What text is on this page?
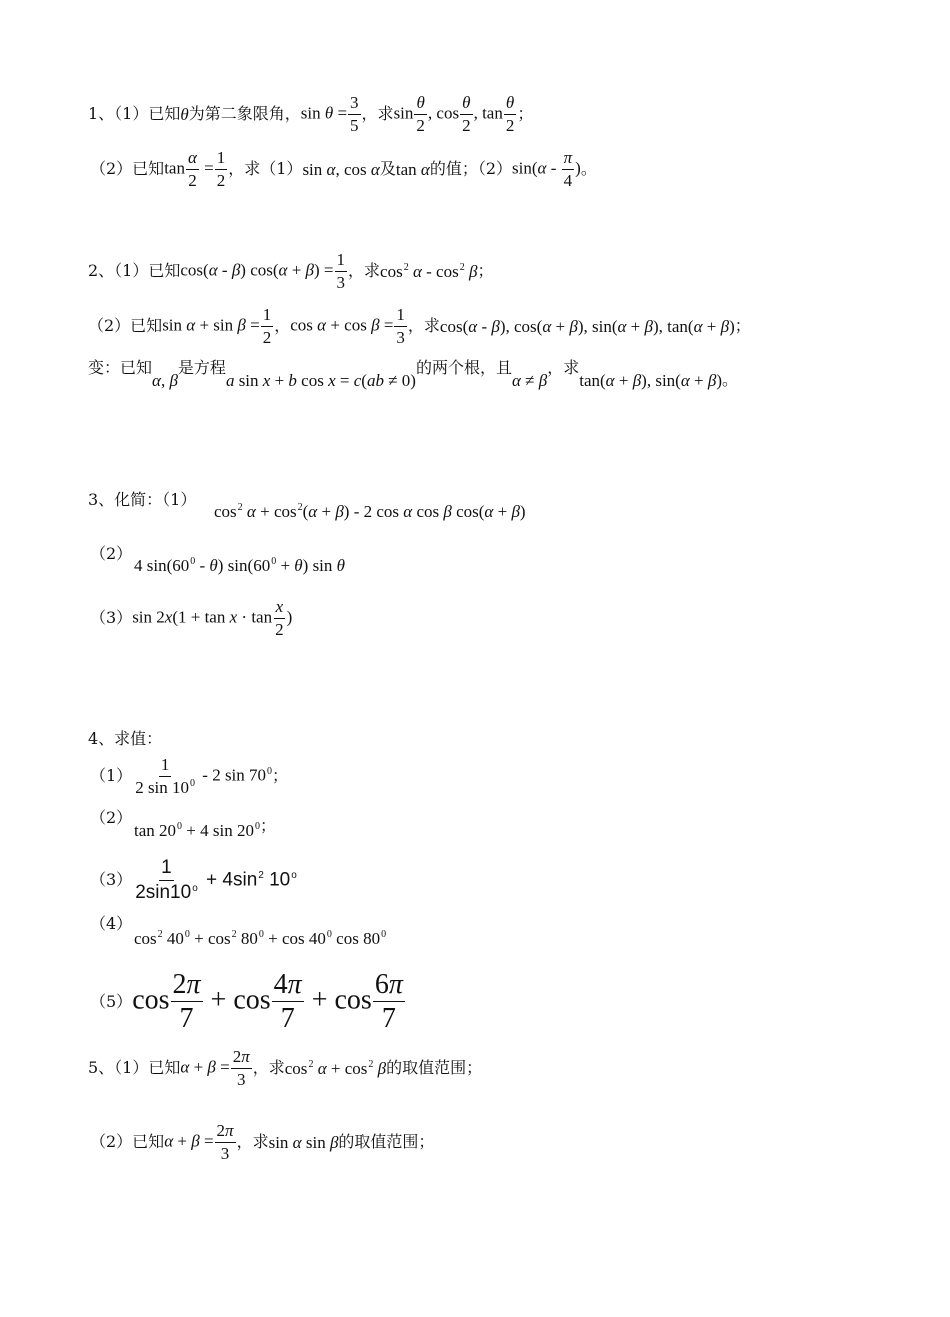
1、（1）已知 θ 为第二象限角， $\sin \theta = \frac{3}{5}$ ，求 $\sin \frac{\theta}{2}$ , $\cos \frac{\theta}{2}$ , $\tan \frac{\theta}{2}$ ；
（2）已知 $\tan \frac{\alpha}{2} = \frac{1}{2}$ ，求（1） sin α, cos α 及 tan α 的值；（2） $\sin(\alpha - \frac{\pi}{4}$ ) 。
2、（1）已知 cos(α - β) $\cos(\alpha + \beta) = \frac{1}{3}$ ，求 $\cos^2 \alpha - \cos^2 \beta$ ；
（2）已知 $\sin \alpha + \sin \beta = \frac{1}{2}$ ， $\cos \alpha + \cos \beta = \frac{1}{3}$ ，求 cos(α - β), cos(α + β), sin(α + β), tan(α + β) ；
变：已知
α, β
是方程
a sin x + b cos x = c(ab ≠ 0)
的两个根，且
α ≠ β
，求
tan(α + β), sin(α + β) 。
3、化简：（1）
$\cos^2 \alpha + \cos^2(\alpha + \beta) - 2$ cos α cos β cos(α + β)
（2）
4 $\sin(60^0 - \theta) \sin(60^0 + \theta)$ sin θ
（3） $\sin 2x(1 + \tan x \cdot \tan \frac{x}{2}$ )
4、求值：
$(1) \frac{1}{2 \sin 10^0} - 2$ $\sin 70^0$ ；
（2）
$\tan 20^0 + 4$ $\sin 20^0$ ；
$(3) \frac{1}{2\sin 10^o} + 4\sin^2$ 10$^o$
（4）
$\cos^2 40^0 + \cos^2 80^0 + \cos 40^0$ $\cos 80^0$
（5） $\cos \frac{2\pi}{7} + \cos \frac{4\pi}{7} + \cos \frac{6\pi}{7}$
5、（1）已知 $\alpha + \beta = \frac{2\pi}{3}$ ，求 $\cos^2 \alpha + \cos^2 \beta$ 的取值范围；
（2）已知 $\alpha + \beta = \frac{2\pi}{3}$ ，求 sin α sin β 的取值范围；
